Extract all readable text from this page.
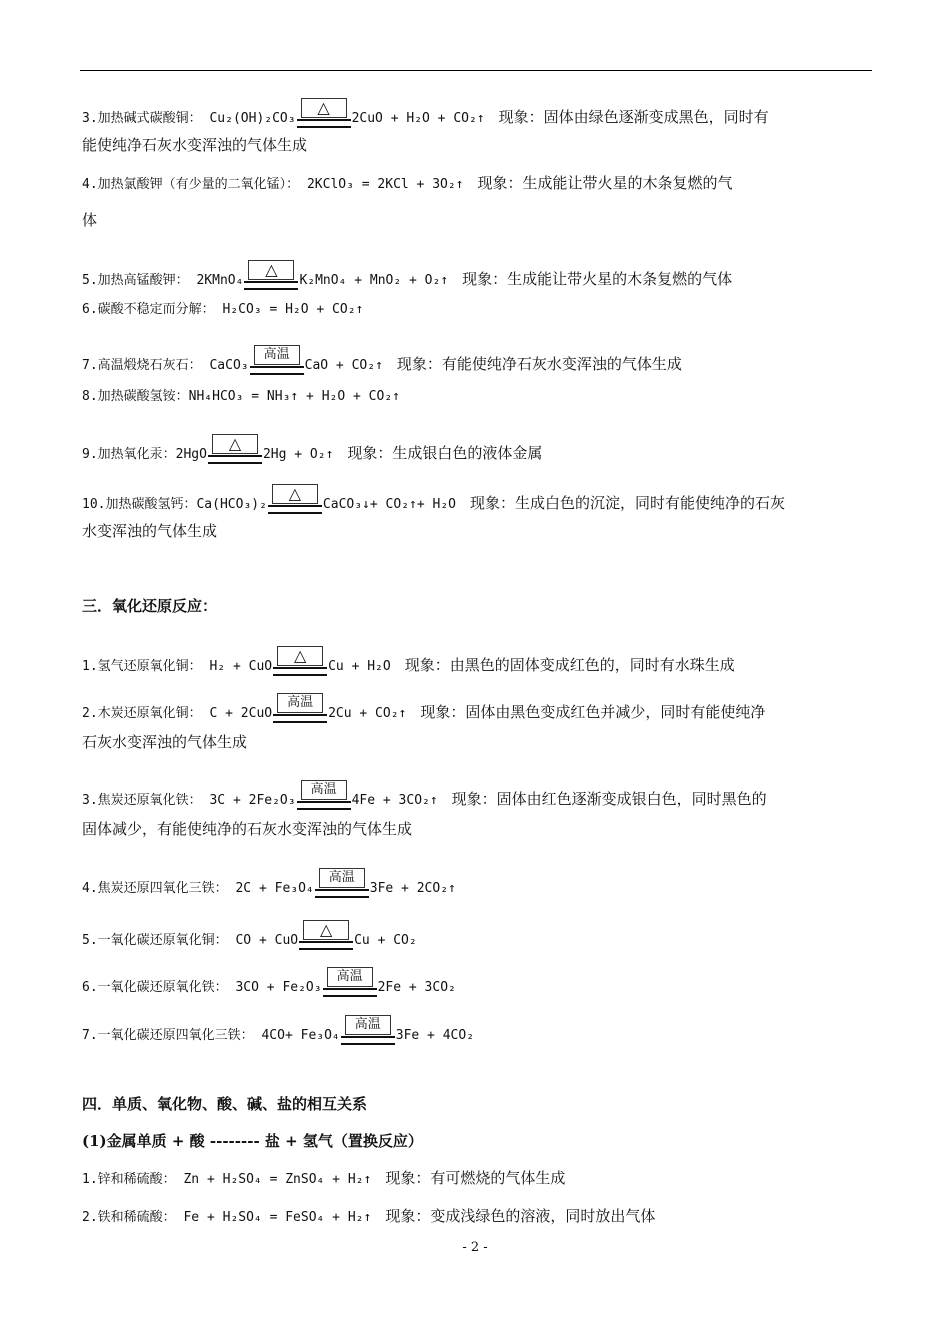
3.加热碱式碳酸铜： Cu₂(OH)₂CO₃
△
2CuO + H₂O + CO₂↑ 现象：固体由绿色逐渐变成黑色，同时有
能使纯净石灰水变浑浊的气体生成
4.加热氯酸钾（有少量的二氧化锰）： 2KClO₃ = 2KCl + 3O₂↑ 现象：生成能让带火星的木条复燃的气
体
5.加热高锰酸钾： 2KMnO₄
△
K₂MnO₄ + MnO₂ + O₂↑ 现象：生成能让带火星的木条复燃的气体
6.碳酸不稳定而分解： H₂CO₃ = H₂O + CO₂↑
7.高温煅烧石灰石： CaCO₃
高温
CaO + CO₂↑ 现象：有能使纯净石灰水变浑浊的气体生成
8.加热碳酸氢铵：NH₄HCO₃ = NH₃↑ + H₂O + CO₂↑
9.加热氧化汞：2HgO
△
2Hg + O₂↑ 现象：生成银白色的液体金属
10.加热碳酸氢钙：Ca(HCO₃)₂
△
CaCO₃↓+ CO₂↑+ H₂O 现象：生成白色的沉淀，同时有能使纯净的石灰
水变浑浊的气体生成
三．氧化还原反应：
1.氢气还原氧化铜： H₂ + CuO
△
Cu + H₂O 现象：由黑色的固体变成红色的，同时有水珠生成
2.木炭还原氧化铜： C + 2CuO
高温
2Cu + CO₂↑ 现象：固体由黑色变成红色并减少，同时有能使纯净
石灰水变浑浊的气体生成
3.焦炭还原氧化铁： 3C + 2Fe₂O₃
高温
4Fe + 3CO₂↑ 现象：固体由红色逐渐变成银白色，同时黑色的
固体减少，有能使纯净的石灰水变浑浊的气体生成
4.焦炭还原四氧化三铁： 2C + Fe₃O₄
高温
3Fe + 2CO₂↑
5.一氧化碳还原氧化铜： CO + CuO
△
Cu + CO₂
6.一氧化碳还原氧化铁： 3CO + Fe₂O₃
高温
2Fe + 3CO₂
7.一氧化碳还原四氧化三铁： 4CO+ Fe₃O₄
高温
3Fe + 4CO₂
四．单质、氧化物、酸、碱、盐的相互关系
(1)金属单质 + 酸 -------- 盐 + 氢气（置换反应）
1.锌和稀硫酸： Zn + H₂SO₄ = ZnSO₄ + H₂↑ 现象：有可燃烧的气体生成
2.铁和稀硫酸： Fe + H₂SO₄ = FeSO₄ + H₂↑ 现象：变成浅绿色的溶液，同时放出气体
- 2 -
